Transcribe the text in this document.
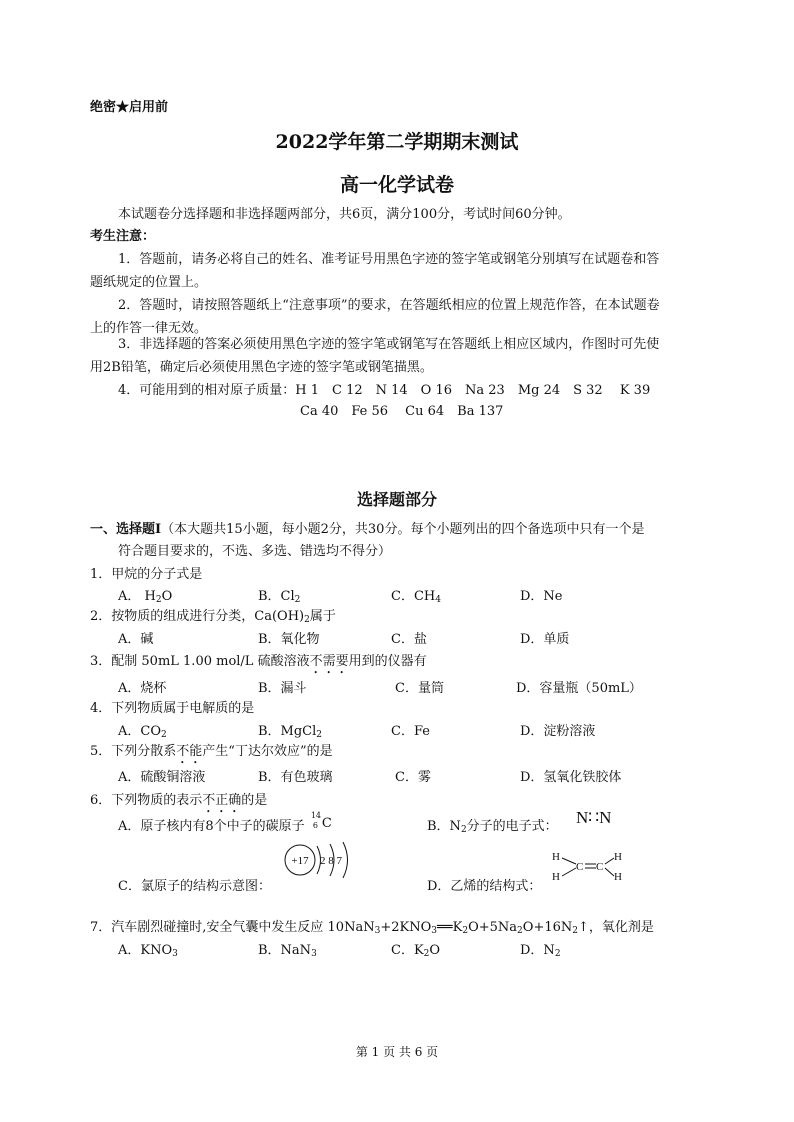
绝密★启用前
2022学年第二学期期末测试
高一化学试卷
本试题卷分选择题和非选择题两部分，共6页，满分100分，考试时间60分钟。
考生注意：
1．答题前，请务必将自己的姓名、准考证号用黑色字迹的签字笔或钢笔分别填写在试题卷和答
题纸规定的位置上。
2．答题时，请按照答题纸上“注意事项”的要求，在答题纸相应的位置上规范作答，在本试题卷
上的作答一律无效。
3．非选择题的答案必须使用黑色字迹的签字笔或钢笔写在答题纸上相应区域内，作图时可先使
用2B铅笔，确定后必须使用黑色字迹的签字笔或钢笔描黑。
4．可能用到的相对原子质量：H 1　C 12　N 14　O 16　Na 23　Mg 24　S 32　 K 39
Ca 40　Fe 56　 Cu 64　Ba 137
选择题部分
一、选择题Ⅰ（本大题共15小题，每小题2分，共30分。每个小题列出的四个备选项中只有一个是
符合题目要求的，不选、多选、错选均不得分）
1．甲烷的分子式是
A． $H_2O$	B．$Cl_2$	C．$CH_4$	D．Ne
2．按物质的组成进行分类，$Ca(OH)_2$属于
A．碱	B．氧化物	C．盐	D．单质
3．配制 50mL 1.00 mol/L 硫酸溶液不需要用到的仪器有
A．烧杯	B．漏斗	C．量筒	D．容量瓶（50mL）
4．下列物质属于电解质的是
A．$CO_2$	B．MgCl$_2$	C．Fe	D．淀粉溶液
5．下列分散系不能产生“丁达尔效应”的是
A．硫酸铜溶液	B．有色玻璃	C．雾	D．氢氧化铁胶体
6．下列物质的表示不正确的是
A．原子核内有8个中子的碳原子
14
6 C	B．$N_2$分子的电子式： N∷N
C．氯原子的结构示意图：
+17 2 8 7
D．乙烯的结构式：
H
H
C C
H
H
7．汽车剧烈碰撞时,安全气囊中发生反应 $10NaN_3+2KNO_3══K_2O+5Na_2O+16N_2↑$，氧化剂是
A．$KNO_3$	B．NaN$_3$	C．$K_2O$	D．$N_2$
第 1 页 共 6 页
